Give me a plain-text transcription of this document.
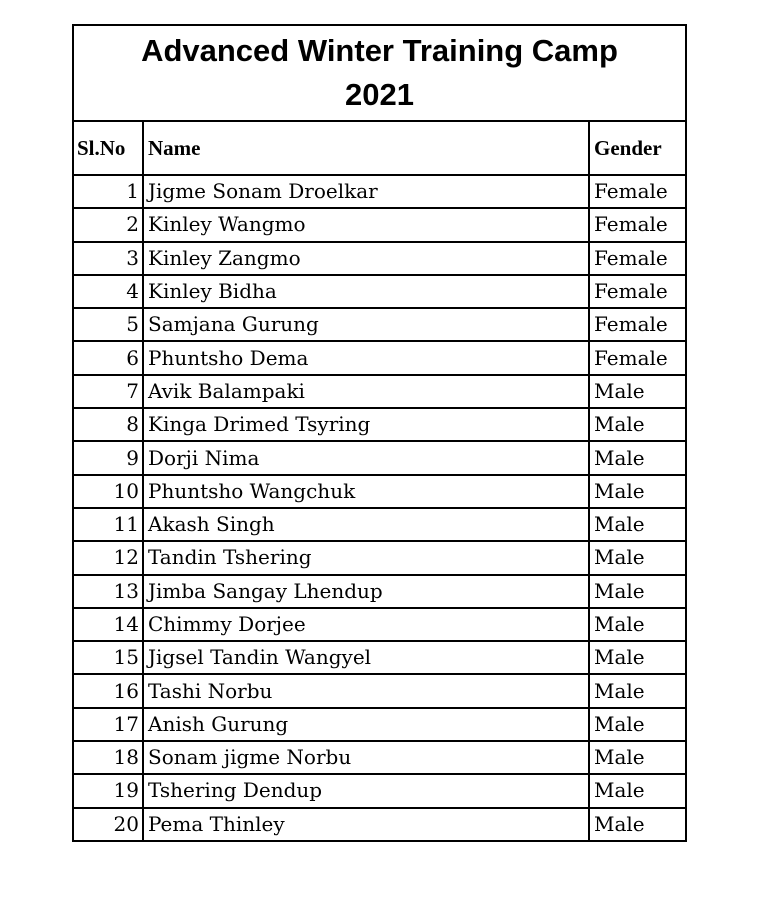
Advanced Winter Training Camp
2021
Sl.No	Name	Gender
1	Jigme Sonam Droelkar	Female
2	Kinley Wangmo	Female
3	Kinley Zangmo	Female
4	Kinley Bidha	Female
5	Samjana Gurung	Female
6	Phuntsho Dema	Female
7	Avik Balampaki	Male
8	Kinga Drimed Tsyring	Male
9	Dorji Nima	Male
10	Phuntsho Wangchuk	Male
11	Akash Singh	Male
12	Tandin Tshering	Male
13	Jimba Sangay Lhendup	Male
14	Chimmy Dorjee	Male
15	Jigsel Tandin Wangyel	Male
16	Tashi Norbu	Male
17	Anish Gurung	Male
18	Sonam jigme Norbu	Male
19	Tshering Dendup	Male
20	Pema Thinley	Male
